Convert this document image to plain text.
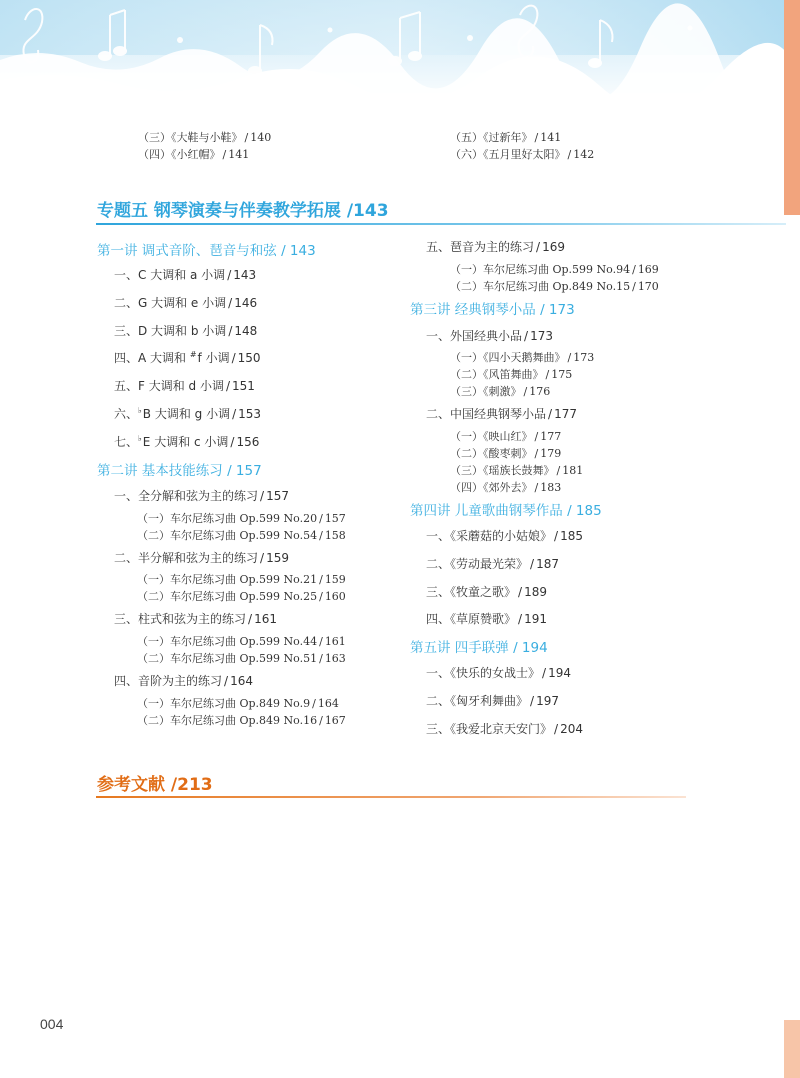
（三）《大鞋与小鞋》 / 140
（四）《小红帽》 / 141
（五）《过新年》 / 141
（六）《五月里好太阳》 / 142
专题五 钢琴演奏与伴奏教学拓展 /143
第一讲 调式音阶、琶音与和弦 / 143
一、C 大调和 a 小调 / 143
二、G 大调和 e 小调 / 146
三、D 大调和 b 小调 / 148
四、A 大调和 #f 小调 / 150
五、F 大调和 d 小调 / 151
六、♭B 大调和 g 小调 / 153
七、♭E 大调和 c 小调 / 156
第二讲 基本技能练习 / 157
一、全分解和弦为主的练习 / 157
（一）车尔尼练习曲 Op.599 No.20 / 157
（二）车尔尼练习曲 Op.599 No.54 / 158
二、半分解和弦为主的练习 / 159
（一）车尔尼练习曲 Op.599 No.21 / 159
（二）车尔尼练习曲 Op.599 No.25 / 160
三、柱式和弦为主的练习 / 161
（一）车尔尼练习曲 Op.599 No.44 / 161
（二）车尔尼练习曲 Op.599 No.51 / 163
四、音阶为主的练习 / 164
（一）车尔尼练习曲 Op.849 No.9 / 164
（二）车尔尼练习曲 Op.849 No.16 / 167
五、琶音为主的练习 / 169
（一）车尔尼练习曲 Op.599 No.94 / 169
（二）车尔尼练习曲 Op.849 No.15 / 170
第三讲 经典钢琴小品 / 173
一、外国经典小品 / 173
（一）《四小天鹅舞曲》 / 173
（二）《风笛舞曲》 / 175
（三）《刺激》 / 176
二、中国经典钢琴小品 / 177
（一）《映山红》 / 177
（二）《酸枣刺》 / 179
（三）《瑶族长鼓舞》 / 181
（四）《郊外去》 / 183
第四讲 儿童歌曲钢琴作品 / 185
一、《采蘑菇的小姑娘》 / 185
二、《劳动最光荣》 / 187
三、《牧童之歌》 / 189
四、《草原赞歌》 / 191
第五讲 四手联弹 / 194
一、《快乐的女战士》 / 194
二、《匈牙利舞曲》 / 197
三、《我爱北京天安门》 / 204
参考文献 /213
004
